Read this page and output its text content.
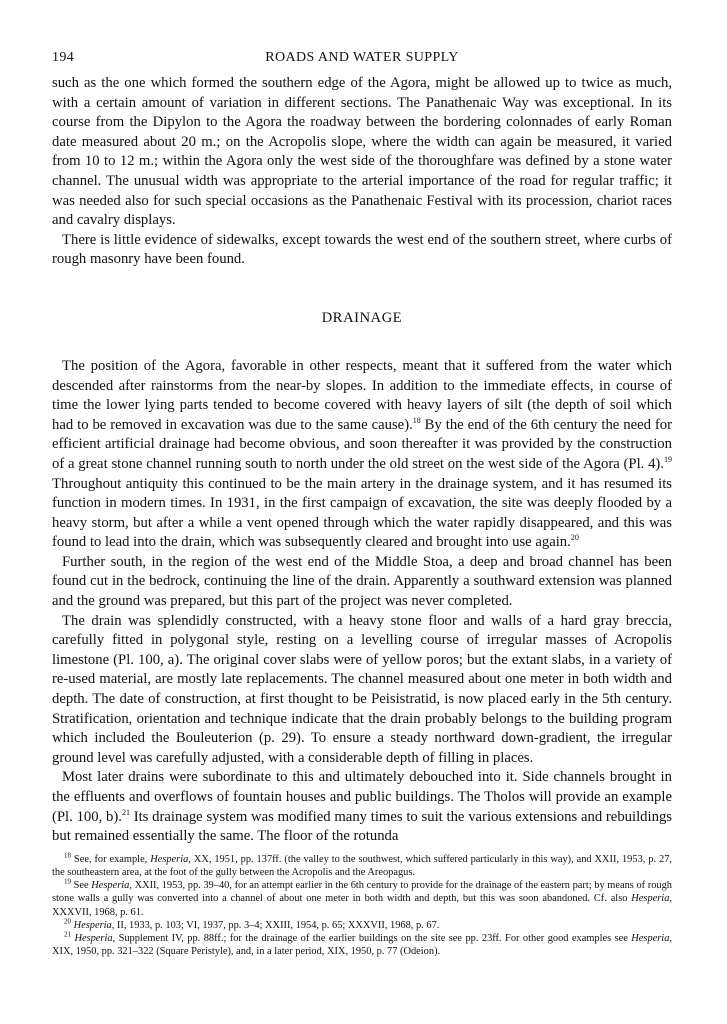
194	ROADS AND WATER SUPPLY

such as the one which formed the southern edge of the Agora, might be allowed up to twice as much, with a certain amount of variation in different sections. The Panathenaic Way was exceptional. In its course from the Dipylon to the Agora the roadway between the bordering colonnades of early Roman date measured about 20 m.; on the Acropolis slope, where the width can again be measured, it varied from 10 to 12 m.; within the Agora only the west side of the thoroughfare was defined by a stone water channel. The unusual width was appropriate to the arterial importance of the road for regular traffic; it was needed also for such special occasions as the Panathenaic Festival with its procession, chariot races and cavalry displays.

There is little evidence of sidewalks, except towards the west end of the southern street, where curbs of rough masonry have been found.

DRAINAGE

The position of the Agora, favorable in other respects, meant that it suffered from the water which descended after rainstorms from the near-by slopes. In addition to the immediate effects, in course of time the lower lying parts tended to become covered with heavy layers of silt (the depth of soil which had to be removed in excavation was due to the same cause).$^{18}$ By the end of the 6th century the need for efficient artificial drainage had become obvious, and soon thereafter it was provided by the construction of a great stone channel running south to north under the old street on the west side of the Agora (Pl. 4).$^{19}$ Throughout antiquity this continued to be the main artery in the drainage system, and it has resumed its function in modern times. In 1931, in the first campaign of excavation, the site was deeply flooded by a heavy storm, but after a while a vent opened through which the water rapidly disappeared, and this was found to lead into the drain, which was subsequently cleared and brought into use again.$^{20}$

Further south, in the region of the west end of the Middle Stoa, a deep and broad channel has been found cut in the bedrock, continuing the line of the drain. Apparently a southward extension was planned and the ground was prepared, but this part of the project was never completed.

The drain was splendidly constructed, with a heavy stone floor and walls of a hard gray breccia, carefully fitted in polygonal style, resting on a levelling course of irregular masses of Acropolis limestone (Pl. 100, a). The original cover slabs were of yellow poros; but the extant slabs, in a variety of re-used material, are mostly late replacements. The channel measured about one meter in both width and depth. The date of construction, at first thought to be Peisistratid, is now placed early in the 5th century. Stratification, orientation and technique indicate that the drain probably belongs to the building program which included the Bouleuterion (p. 29). To ensure a steady northward down-gradient, the irregular ground level was carefully adjusted, with a considerable depth of filling in places.

Most later drains were subordinate to this and ultimately debouched into it. Side channels brought in the effluents and overflows of fountain houses and public buildings. The Tholos will provide an example (Pl. 100, b).$^{21}$ Its drainage system was modified many times to suit the various extensions and rebuildings but remained essentially the same. The floor of the rotunda

$^{18}$ See, for example, Hesperia, XX, 1951, pp. 137ff. (the valley to the southwest, which suffered particularly in this way), and XXII, 1953, p. 27, the southeastern area, at the foot of the gully between the Acropolis and the Areopagus.

$^{19}$ See Hesperia, XXII, 1953, pp. 39–40, for an attempt earlier in the 6th century to provide for the drainage of the eastern part; by means of rough stone walls a gully was converted into a channel of about one meter in both width and depth, but this was soon abandoned. Cf. also Hesperia, XXXVII, 1968, p. 61.

$^{20}$ Hesperia, II, 1933, p. 103; VI, 1937, pp. 3–4; XXIII, 1954, p. 65; XXXVII, 1968, p. 67.

$^{21}$ Hesperia, Supplement IV, pp. 88ff.; for the drainage of the earlier buildings on the site see pp. 23ff. For other good examples see Hesperia, XIX, 1950, pp. 321–322 (Square Peristyle), and, in a later period, XIX, 1950, p. 77 (Odeion).
